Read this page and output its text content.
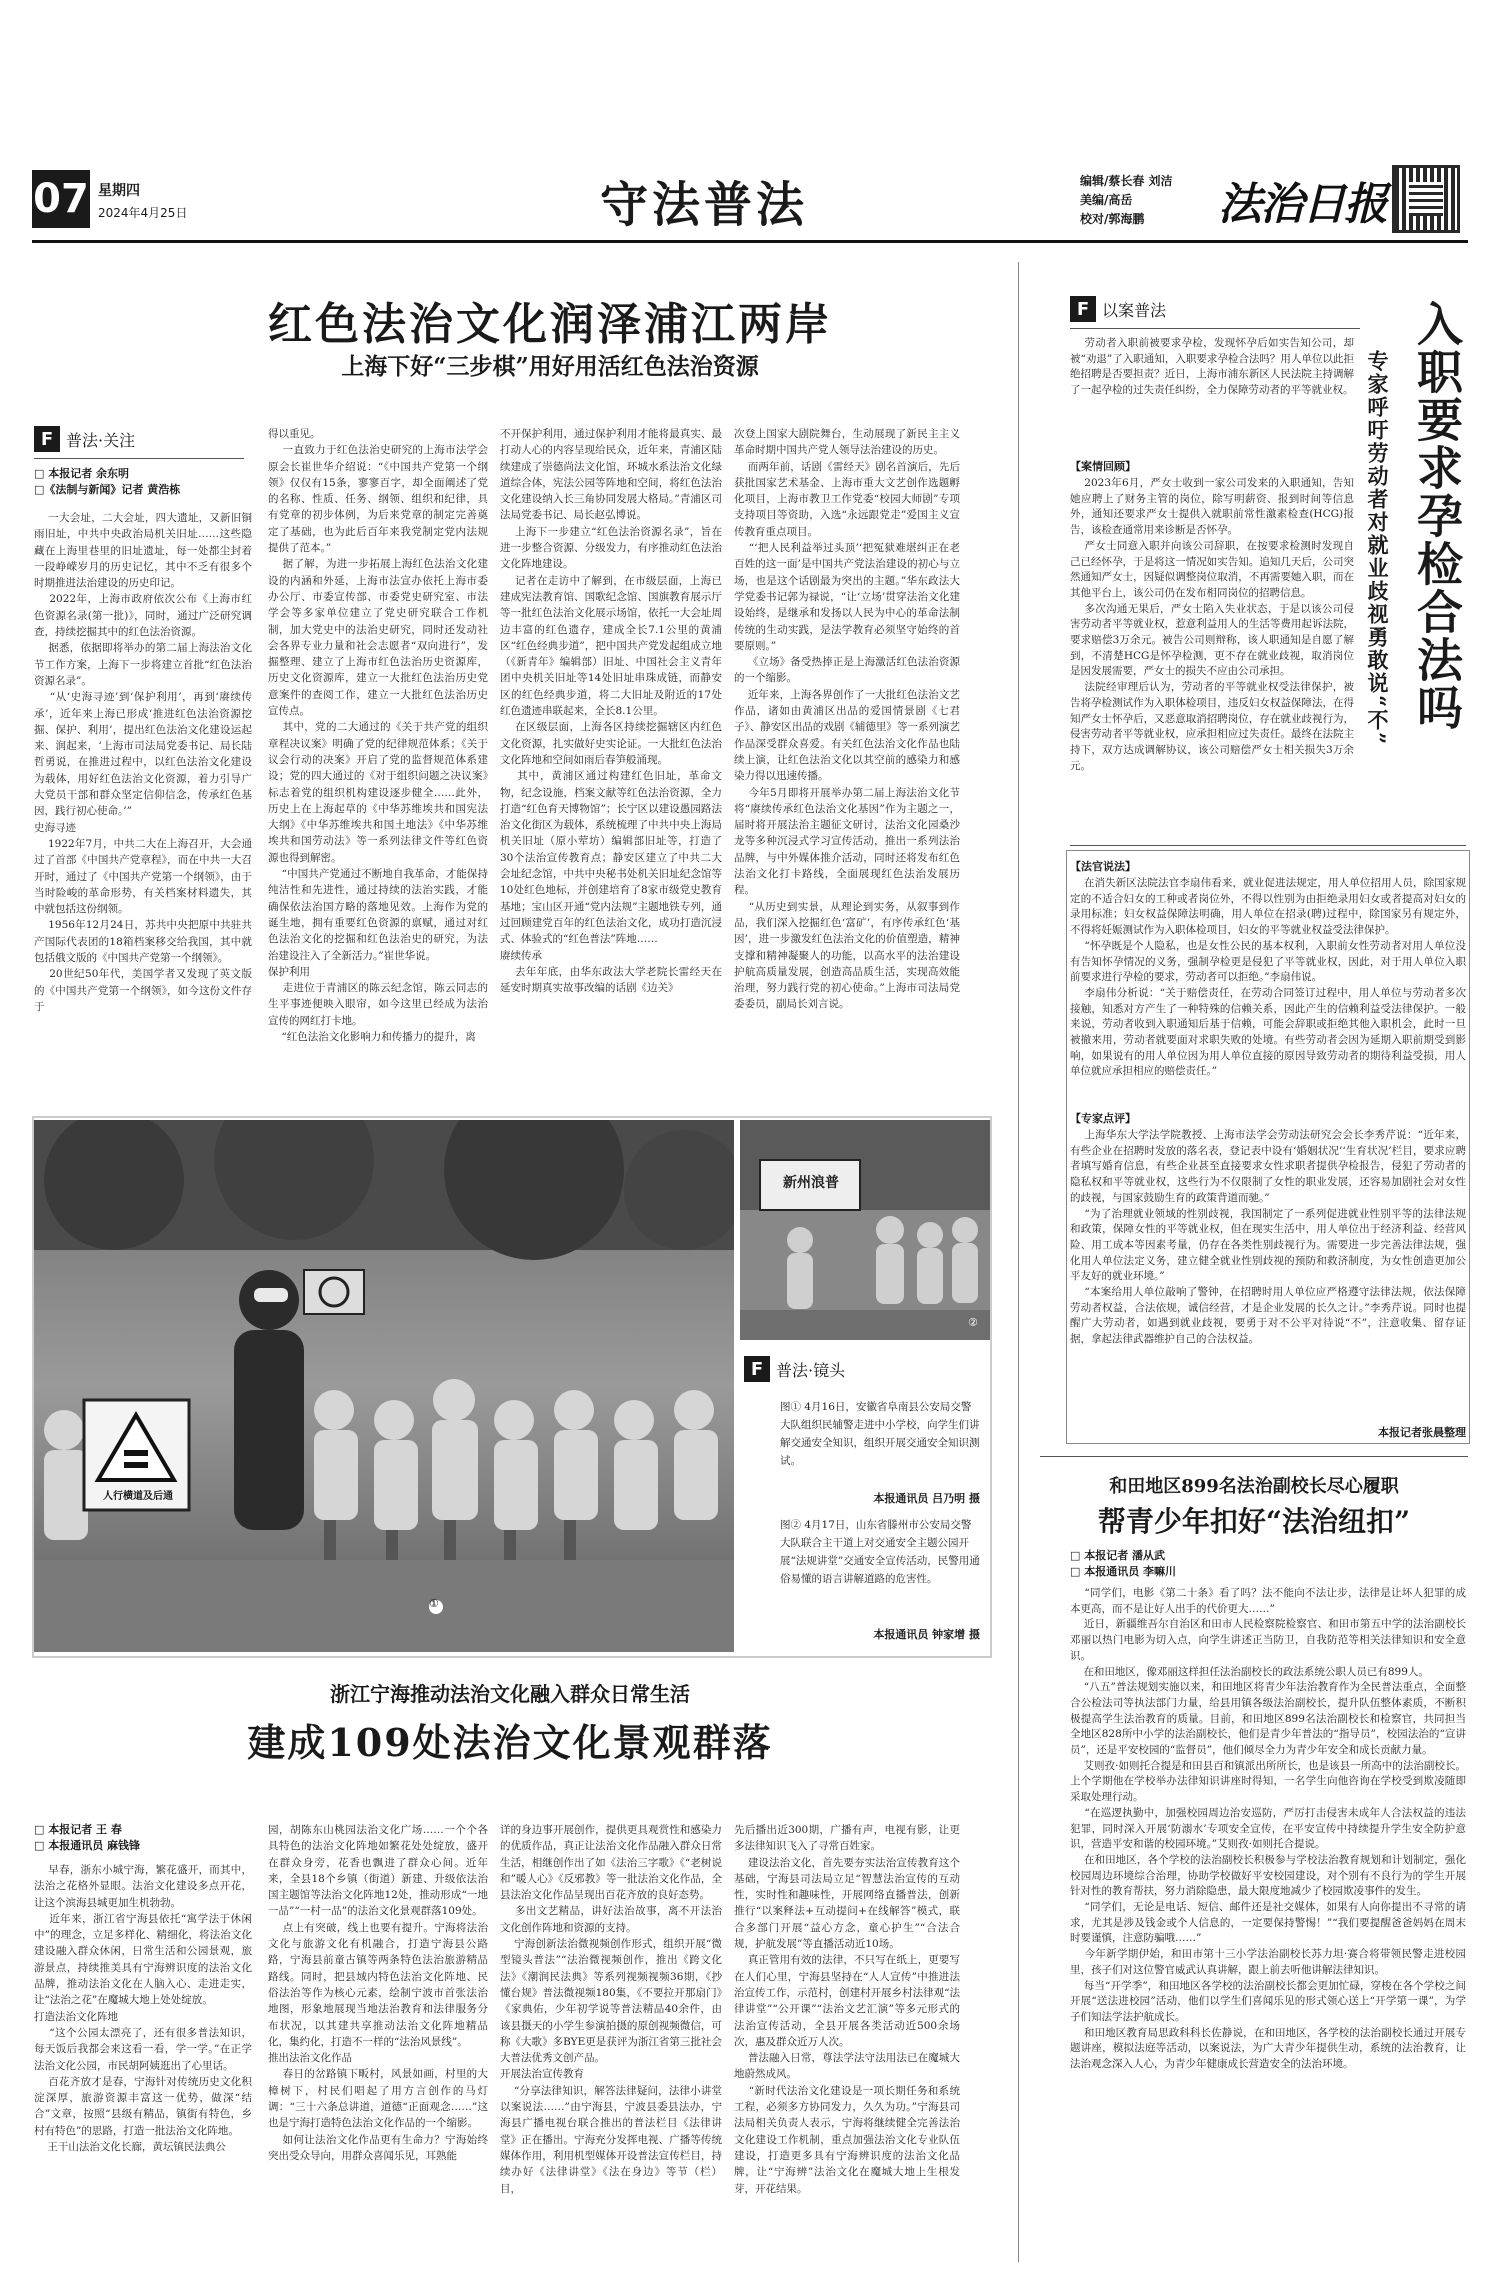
07 星期四
2024年4月25日	守法普法	编辑/蔡长春 刘洁
美编/高岳
校对/郭海鹏	法治日报
红色法治文化润泽浦江两岸
上海下好“三步棋”用好用活红色法治资源
F 普法·关注
□ 本报记者 余东明
□《法制与新闻》记者 黄浩栋
一大会址，二大会址，四大遗址，又新旧铜雨旧址，中共中央政治局机关旧址……这些隐藏在上海里巷里的旧址遗址，每一处都尘封着一段峥嵘岁月的历史记忆，其中不乏有很多个时期推进法治建设的历史印记。
2022年，上海市政府依次公布《上海市红色资源名录(第一批)》，同时，通过广泛研究调查，持续挖掘其中的红色法治资源。
据悉，依据即将举办的第二届上海法治文化节工作方案，上海下一步将建立首批“红色法治资源名录”。
“从‘史海寻迹’到‘保护利用’，再到‘赓续传承’，近年来上海已形成‘推进红色法治资源挖掘、保护、利用’，提出红色法治文化建设运起来、润起来，‘上海市司法局党委书记、局长陆哲勇说，在推进过程中，以红色法治文化建设为载体，用好红色法治文化资源，着力引导广大党员干部和群众坚定信仰信念，传承红色基因，践行初心使命。’”
史海寻迹
1922年7月，中共二大在上海召开，大会通过了首部《中国共产党章程》，而在中共一大召开时，通过了《中国共产党第一个纲领》，由于当时险峻的革命形势，有关档案材料遗失，其中就包括这份纲领。
1956年12月24日，苏共中央把原中共驻共产国际代表团的18箱档案移交给我国，其中就包括俄文版的《中国共产党第一个纲领》。
20世纪50年代，美国学者又发现了英文版的《中国共产党第一个纲领》，如今这份文件存于
得以重见。
一直致力于红色法治史研究的上海市法学会原会长崔世华介绍说：“《中国共产党第一个纲领》仅仅有15条，寥寥百字，却全面阐述了党的名称、性质、任务、纲领、组织和纪律，具有党章的初步体例，为后来党章的制定完善奠定了基础，也为此后百年来我党制定党内法规提供了范本。”
据了解，为进一步拓展上海红色法治文化建设的内涵和外延，上海市法宣办依托上海市委办公厅、市委宣传部、市委党史研究室、市法学会等多家单位建立了党史研究联合工作机制，加大党史中的法治史研究，同时还发动社会各界专业力量和社会志愿者“双向进行”，发掘整理、建立了上海市红色法治历史资源库，历史文化资源库，建立一大批红色法治历史党意案件的查阅工作，建立一大批红色法治历史宣传点。
其中，党的二大通过的《关于共产党的组织章程决议案》明确了党的纪律规范体系；《关于议会行动的决案》开启了党的监督规范体系建设；党的四大通过的《对于组织问题之决议案》标志着党的组织机构建设逐步健全……此外，历史上在上海起草的《中华苏维埃共和国宪法大纲》《中华苏维埃共和国土地法》《中华苏维埃共和国劳动法》等一系列法律文件等红色资源也得到解密。
“中国共产党通过不断地自我革命，才能保持纯洁性和先进性，通过持续的法治实践，才能确保依法治国方略的落地见效。上海作为党的诞生地，拥有重要红色资源的禀赋，通过对红色法治文化的挖掘和红色法治史的研究，为法治建设注入了全新活力。”崔世华说。
保护利用
走进位于青浦区的陈云纪念馆，陈云同志的生平事迹便映入眼帘，如今这里已经成为法治宣传的网红打卡地。
“红色法治文化影响力和传播力的提升，离
不开保护利用，通过保护利用才能将最真实、最打动人心的内容呈现给民众，近年来，青浦区陆续建成了崇德尚法文化馆，环城水系法治文化绿道综合体，宪法公园等阵地和空间，将红色法治文化建设纳入长三角协同发展大格局。”青浦区司法局党委书记、局长赵弘博说。
上海下一步建立“红色法治资源名录”，旨在进一步整合资源、分级发力，有序推动红色法治文化阵地建设。
记者在走访中了解到，在市级层面，上海已建成宪法教育馆、国歌纪念馆、国旗教育展示厅等一批红色法治文化展示场馆，依托一大会址周边丰富的红色遗存，建成全长7.1公里的黄浦区“红色经典步道”，把中国共产党发起组成立地（《新青年》编辑部）旧址、中国社会主义青年团中央机关旧址等14处旧址串珠成链，而静安区的红色经典步道，将二大旧址及附近的17处红色遗迹串联起来，全长8.1公里。
在区级层面，上海各区持续挖掘辖区内红色文化资源，扎实做好史实论证。一大批红色法治文化阵地和空间如雨后春笋般涌现。
其中，黄浦区通过构建红色旧址，革命文物，纪念设施，档案文献等红色法治资源，全力打造“红色育天博物馆”；长宁区以建设愚园路法治文化街区为载体，系统梳理了中共中央上海局机关旧址（原小荤坊）编辑部旧址等，打造了30个法治宣传教育点；静安区建立了中共二大会址纪念馆，中共中央秘书处机关旧址纪念馆等10处红色地标，并创建培育了8家市级党史教育基地；宝山区开通“党内法规”主题地铁专列，通过回顾建党百年的红色法治文化，成功打造沉浸式、体验式的“红色普法”阵地……
赓续传承
去年年底，由华东政法大学老院长雷经天在延安时期真实故事改编的话剧《边关》
次登上国家大剧院舞台，生动展现了新民主主义革命时期中国共产党人领导法治建设的历史。
而两年前，话剧《雷经天》剧名首演后，先后获批国家艺术基金、上海市重大文艺创作选题孵化项目，上海市教卫工作党委“校园大师剧”专项支持项目等资助，入选“永远跟党走”爱国主义宣传教育重点项目。
“‘把人民利益举过头顶’‘把冤狱难堪纠正在老百姓的这一面’是中国共产党法治建设的初心与立场，也是这个话剧最为突出的主题。”华东政法大学党委书记郭为禄说，“让‘立场’贯穿法治文化建设始终，是继承和发扬以人民为中心的革命法制传统的生动实践，是法学教育必须坚守始终的首要原则。”
《立场》备受热捧正是上海激活红色法治资源的一个缩影。
近年来，上海各界创作了一大批红色法治文艺作品，诸如由黄浦区出品的爱国情景剧《七君子》、静安区出品的戏剧《辅德里》等一系列演艺作品深受群众喜爱。有关红色法治文化作品也陆续上演，让红色法治文化以其空前的感染力和感染力得以迅速传播。
今年5月即将开展举办第二届上海法治文化节将“赓续传承红色法治文化基因”作为主题之一，届时将开展法治主题征文研讨，法治文化园桑沙龙等多种沉浸式学习宣传活动，推出一系列法治品牌，与中外媒体推介活动，同时还将发布红色法治文化打卡路线，全面展现红色法治发展历程。
“从历史到实景，从理论到实务，从叙事到作品，我们深入挖掘红色‘富矿’，有序传承红色‘基因’，进一步激发红色法治文化的价值塑造，精神支撑和精神凝聚人的功能，以高水平的法治建设护航高质量发展，创造高品质生活，实现高效能治理，努力践行党的初心使命。”上海市司法局党委委员，副局长刘言说。
人行横道及后通
①
新州浪普
②
F 普法·镜头
图① 4月16日，安徽省阜南县公安局交警大队组织民辅警走进中小学校，向学生们讲解交通安全知识，组织开展交通安全知识测试。
本报通讯员 吕乃明 摄
图② 4月17日，山东省滕州市公安局交警大队联合主干道上对交通安全主题公园开展“法规讲堂”交通安全宣传活动，民警用通俗易懂的语言讲解道路的危害性。
本报通讯员 钟家增 摄
浙江宁海推动法治文化融入群众日常生活
建成109处法治文化景观群落
□ 本报记者 王 春
□ 本报通讯员 麻钱锋
早春，浙东小城宁海，繁花盛开，而其中，法治之花格外显眼。法治文化建设多点开花，让这个滨海县城更加生机勃勃。
近年来，浙江省宁海县依托“寓学法于休闲中”的理念，立足多样化、精细化，将法治文化建设融入群众休闲，日常生活和公园景观，旅游景点，持续推美具有宁海辨识度的法治文化品牌，推动法治文化在人脑入心、走进走实，让“法治之花”在魔城大地上处处绽放。
打造法治文化阵地
“这个公园太漂亮了，还有很多普法知识，每天饭后我都会来这看一看，学一学。”在正学法治文化公园，市民胡阿姨逛出了心里话。
百花齐放才是春，宁海针对传统历史文化积淀深厚，旅游资源丰富这一优势，做深“结合”文章，按照“县级有精品，镇街有特色，乡村有特色”的思路，打造一批法治文化阵地。
王干山法治文化长廊，黄坛镇民法典公
园，胡陈东山桃园法治文化广场……一个个各具特色的法治文化阵地如繁花处处绽放，盛开在群众身旁，花香也飘进了群众心间。近年来，全县18个乡镇（街道）新建、升级依法治国主题馆等法治文化阵地12处，推动形成“一地一品”“一村一品”的法治文化景观群落109处。
点上有突破，线上也要有提升。宁海将法治文化与旅游文化有机融合，打造宁海县公路路，宁海县前童古镇等两条特色法治旅游精品路线。同时，把县域内特色法治文化阵地、民俗法治等作为核心元素，绘制宁波市首张法治地图，形象地展现当地法治教育和法律服务分布状况，以其建共享推动法治文化阵地精品化，集约化，打造不一样的“法治风景线”。
推出法治文化作品
春日的岔路镇下畈村，风景如画，村里的大樟树下，村民们唱起了用方言创作的马灯调：“三十六条总讲道，道德“正面观念……”这也是宁海打造特色法治文化作品的一个缩影。
如何让法治文化作品更有生命力？宁海始终突出受众导向，用群众喜闻乐见，耳熟能
详的身边事开展创作，提供更具观赏性和感染力的优质作品，真正让法治文化作品融入群众日常生活，相继创作出了如《法治三字歌》《“老树说和”暖人心》《反邪教》等一批法治文化作品，全县法治文化作品呈现出百花齐放的良好态势。
多出文艺精品，讲好法治故事，离不开法治文化创作阵地和资源的支持。
宁海创新法治微视频创作形式，组织开展“微型镜头普法”“法治微视频创作，推出《跨文化法》《潮润民法典》等系列视频视频36期，《抄懂台规》普法微视频180集，《不要拉开那扇门》《家典佑，少年初学说等普法精品40余件，由该县摄天的小学生参演拍摄的原创视频微信，可称《大歌》多BYE更是获评为浙江省第三批社会大普法优秀文创产品。
开展法治宣传教育
“分享法律知识，解答法律疑问，法律小讲堂以案说法……”由宁海县，宁波县委县法办，宁海县广播电视台联合推出的普法栏目《法律讲堂》正在播出。宁海充分发挥电视、广播等传统媒体作用，利用机型媒体开设普法宣传栏目，持续办好《法律讲堂》《法在身边》等节（栏）目，
先后播出近300期，广播有声，电视有影，让更多法律知识飞入了寻常百姓家。
建设法治文化，首先要夯实法治宣传教育这个基础，宁海县司法局立足“智慧法治宣传的互动性，实时性和趣味性，开展网络直播普法，创新推行“以案释法+互动提问+在线解答”模式，联合多部门开展“益心方念，童心护生”“合法合规，护航发展”等直播活动近10场。
真正管用有效的法律，不只写在纸上，更要写在人们心里，宁海县坚持在“人人宣传”中推进法治宣传工作，示范村，创建村开展乡村法律观“法律讲堂”“公开课”“法治文艺汇演”等多元形式的法治宣传活动，全县开展各类活动近500余场次，惠及群众近万人次。
普法融入日常，尊法学法守法用法已在魔城大地蔚然成风。
“新时代法治文化建设是一项长期任务和系统工程，必须多方协同发力，久久为功。”宁海县司法局相关负责人表示，宁海将继续健全完善法治文化建设工作机制，重点加强法治文化专业队伍建设，打造更多具有宁海辨识度的法治文化品牌，让“宁海辨”法治文化在魔城大地上生根发芽，开花结果。
F 以案普法	入职要求孕检合法吗
专家呼吁劳动者对就业歧视勇敢说“不”
劳动者入职前被要求孕检，发现怀孕后如实告知公司，却被“劝退”了入职通知，入职要求孕检合法吗？用人单位以此拒绝招聘是否要担责？近日，上海市浦东新区人民法院主持调解了一起孕检的过失责任纠纷，全力保障劳动者的平等就业权。
【案情回顾】
2023年6月，严女士收到一家公司发来的入职通知，告知她应聘上了财务主管的岗位，除写明薪资、报到时间等信息外，通知还要求严女士提供入就职前常性激素检查(HCG)报告，该检查通常用来诊断是否怀孕。
严女士同意入职并向该公司辞职，在按要求检测时发现自己已经怀孕，于是将这一情况如实告知。追知几天后，公司突然通知严女士，因疑似调整岗位取消，不再需要她入职，而在其他平台上，该公司仍在发布相同岗位的招聘信息。
多次沟通无果后，严女士陷入失业状态，于是以该公司侵害劳动者平等就业权，惹意利益用人的生活等费用起诉法院，要求赔偿3万余元。被告公司则辩称，该人职通知是自愿了解到，不清楚HCG是怀孕检测，更不存在就业歧视，取消岗位是因发展需要，严女士的损失不应由公司承担。
法院经审理后认为，劳动者的平等就业权受法律保护，被告将孕检测试作为入职体检项目，违反妇女权益保障法，在得知严女士怀孕后，又恶意取消招聘岗位，存在就业歧视行为，侵害劳动者平等就业权，应承担相应过失责任。最终在法院主持下，双方达成调解协议，该公司赔偿严女士相关损失3万余元。
【法官说法】
在消失新区法院法官李扇伟看来，就业促进法规定，用人单位招用人员，除国家规定的不适合妇女的工种或者岗位外，不得以性别为由拒绝录用妇女或者提高对妇女的录用标准；妇女权益保障法明确，用人单位在招录(聘)过程中，除国家另有规定外，不得将妊娠测试作为入职体检项目，妇女的平等就业权益受法律保护。
“怀孕既是个人隐私，也是女性公民的基本权利，入职前女性劳动者对用人单位没有告知怀孕情况的义务，强制孕检更是侵犯了平等就业权，因此，对于用人单位入职前要求进行孕检的要求，劳动者可以拒绝。”李扇伟说。
李扇伟分析说：“关于赔偿责任，在劳动合同签订过程中，用人单位与劳动者多次接触，知悉对方产生了一种特殊的信赖关系，因此产生的信赖利益受法律保护。一般来说，劳动者收到入职通知后基于信赖，可能会辞职或拒绝其他入职机会，此时一旦被撤来用，劳动者就要面对求职失败的处境。有些劳动者会因为延期入职前期受到影响，如果说有的用人单位因为用人单位直接的原因导致劳动者的期待利益受损，用人单位就应承担相应的赔偿责任。”
【专家点评】
上海华东大学法学院教授、上海市法学会劳动法研究会会长李秀芹说：“近年来，有些企业在招聘时发放的落名表，登记表中设有‘婚姻状况’‘生育状况’栏目，要求应聘者填写婚育信息，有些企业甚至直接要求女性求职者提供孕检报告，侵犯了劳动者的隐私权和平等就业权，这些行为不仅限制了女性的职业发展，还容易加剧社会对女性的歧视，与国家鼓励生育的政策背道而驰。”
“为了治理就业领域的性别歧视，我国制定了一系列促进就业性别平等的法律法规和政策，保障女性的平等就业权，但在现实生活中，用人单位出于经济利益、经营风险、用工成本等因素考量，仍存在各类性别歧视行为。需要进一步完善法律法规，强化用人单位法定义务，建立健全就业性别歧视的预防和救济制度，为女性创造更加公平友好的就业环境。”
“本案给用人单位敲响了警钟，在招聘时用人单位应严格遵守法律法规，依法保障劳动者权益，合法依规，诚信经营，才是企业发展的长久之计。”李秀芹说。同时也提醒广大劳动者，如遇到就业歧视，要勇于对不公平对待说“不”，注意收集、留存证据，拿起法律武器维护自己的合法权益。
本报记者张晨整理
和田地区899名法治副校长尽心履职
帮青少年扣好“法治纽扣”
□ 本报记者 潘从武
□ 本报通讯员 李嘛川
“同学们，电影《第二十条》看了吗？法不能向不法让步，法律是让坏人犯罪的成本更高，而不是让好人出手的代价更大……”
近日，新疆维吾尔自治区和田市人民检察院检察官、和田市第五中学的法治副校长邓丽以热门电影为切入点，向学生讲述正当防卫，自我防范等相关法律知识和安全意识。
在和田地区，像邓丽这样担任法治副校长的政法系统公职人员已有899人。
“八五”普法规划实施以来，和田地区将青少年法治教育作为全民普法重点，全面整合公检法司等执法部门力量，给县用镇各级法治副校长，提升队伍整体素质，不断积极提高学生法治教育的质量。目前，和田地区899名法治副校长和检察官，共同担当全地区828所中小学的法治副校长，他们是青少年普法的“指导员”，校园法治的“宣讲员”，还是平安校园的“监督员”，他们倾尽全力为青少年安全和成长贡献力量。
艾则孜·如则托合提是和田县百和镇派出所所长，也是该县一所高中的法治副校长。上个学期他在学校举办法律知识讲座时得知，一名学生向他咨询在学校受到欺凌随即采取处理行动。
“在巡逻执勤中，加强校园周边治安巡防，严厉打击侵害未成年人合法权益的违法犯罪，同时深入开展‘防溺水’专项安全宣传，在平安宣传中持续提升学生安全防护意识，营造平安和谐的校园环境。”艾则孜·如则托合提说。
在和田地区，各个学校的法治副校长积极参与学校法治教育规划和计划制定，强化校园周边环境综合治理，协助学校做好平安校园建设，对个别有不良行为的学生开展针对性的教育帮扶，努力消除隐患，最大限度地减少了校园欺凌事件的发生。
“同学们，无论是电话、短信、邮件还是社交媒体，如果有人向你提出不寻常的请求，尤其是涉及钱金或个人信息的，一定要保持警惕！”“我们要提醒爸爸妈妈在周末时要谨慎，注意防骗哦……”
今年新学期伊始，和田市第十三小学法治副校长苏力坦·赛合将带领民警走进校园里，孩子们对这位警官威武认真讲解，跟上前去听他讲解法律知识。
每当“开学季”，和田地区各学校的法治副校长都会更加忙碌，穿梭在各个学校之间开展“送法进校园”活动，他们以学生们喜闻乐见的形式领心送上“开学第一课”，为学子们知法学法护航成长。
和田地区教育局思政科科长佐静说，在和田地区，各学校的法治副校长通过开展专题讲座，模拟法庭等活动，以案说法，为广大青少年提供生动，系统的法治教育，让法治观念深入人心，为青少年健康成长营造安全的法治环境。
